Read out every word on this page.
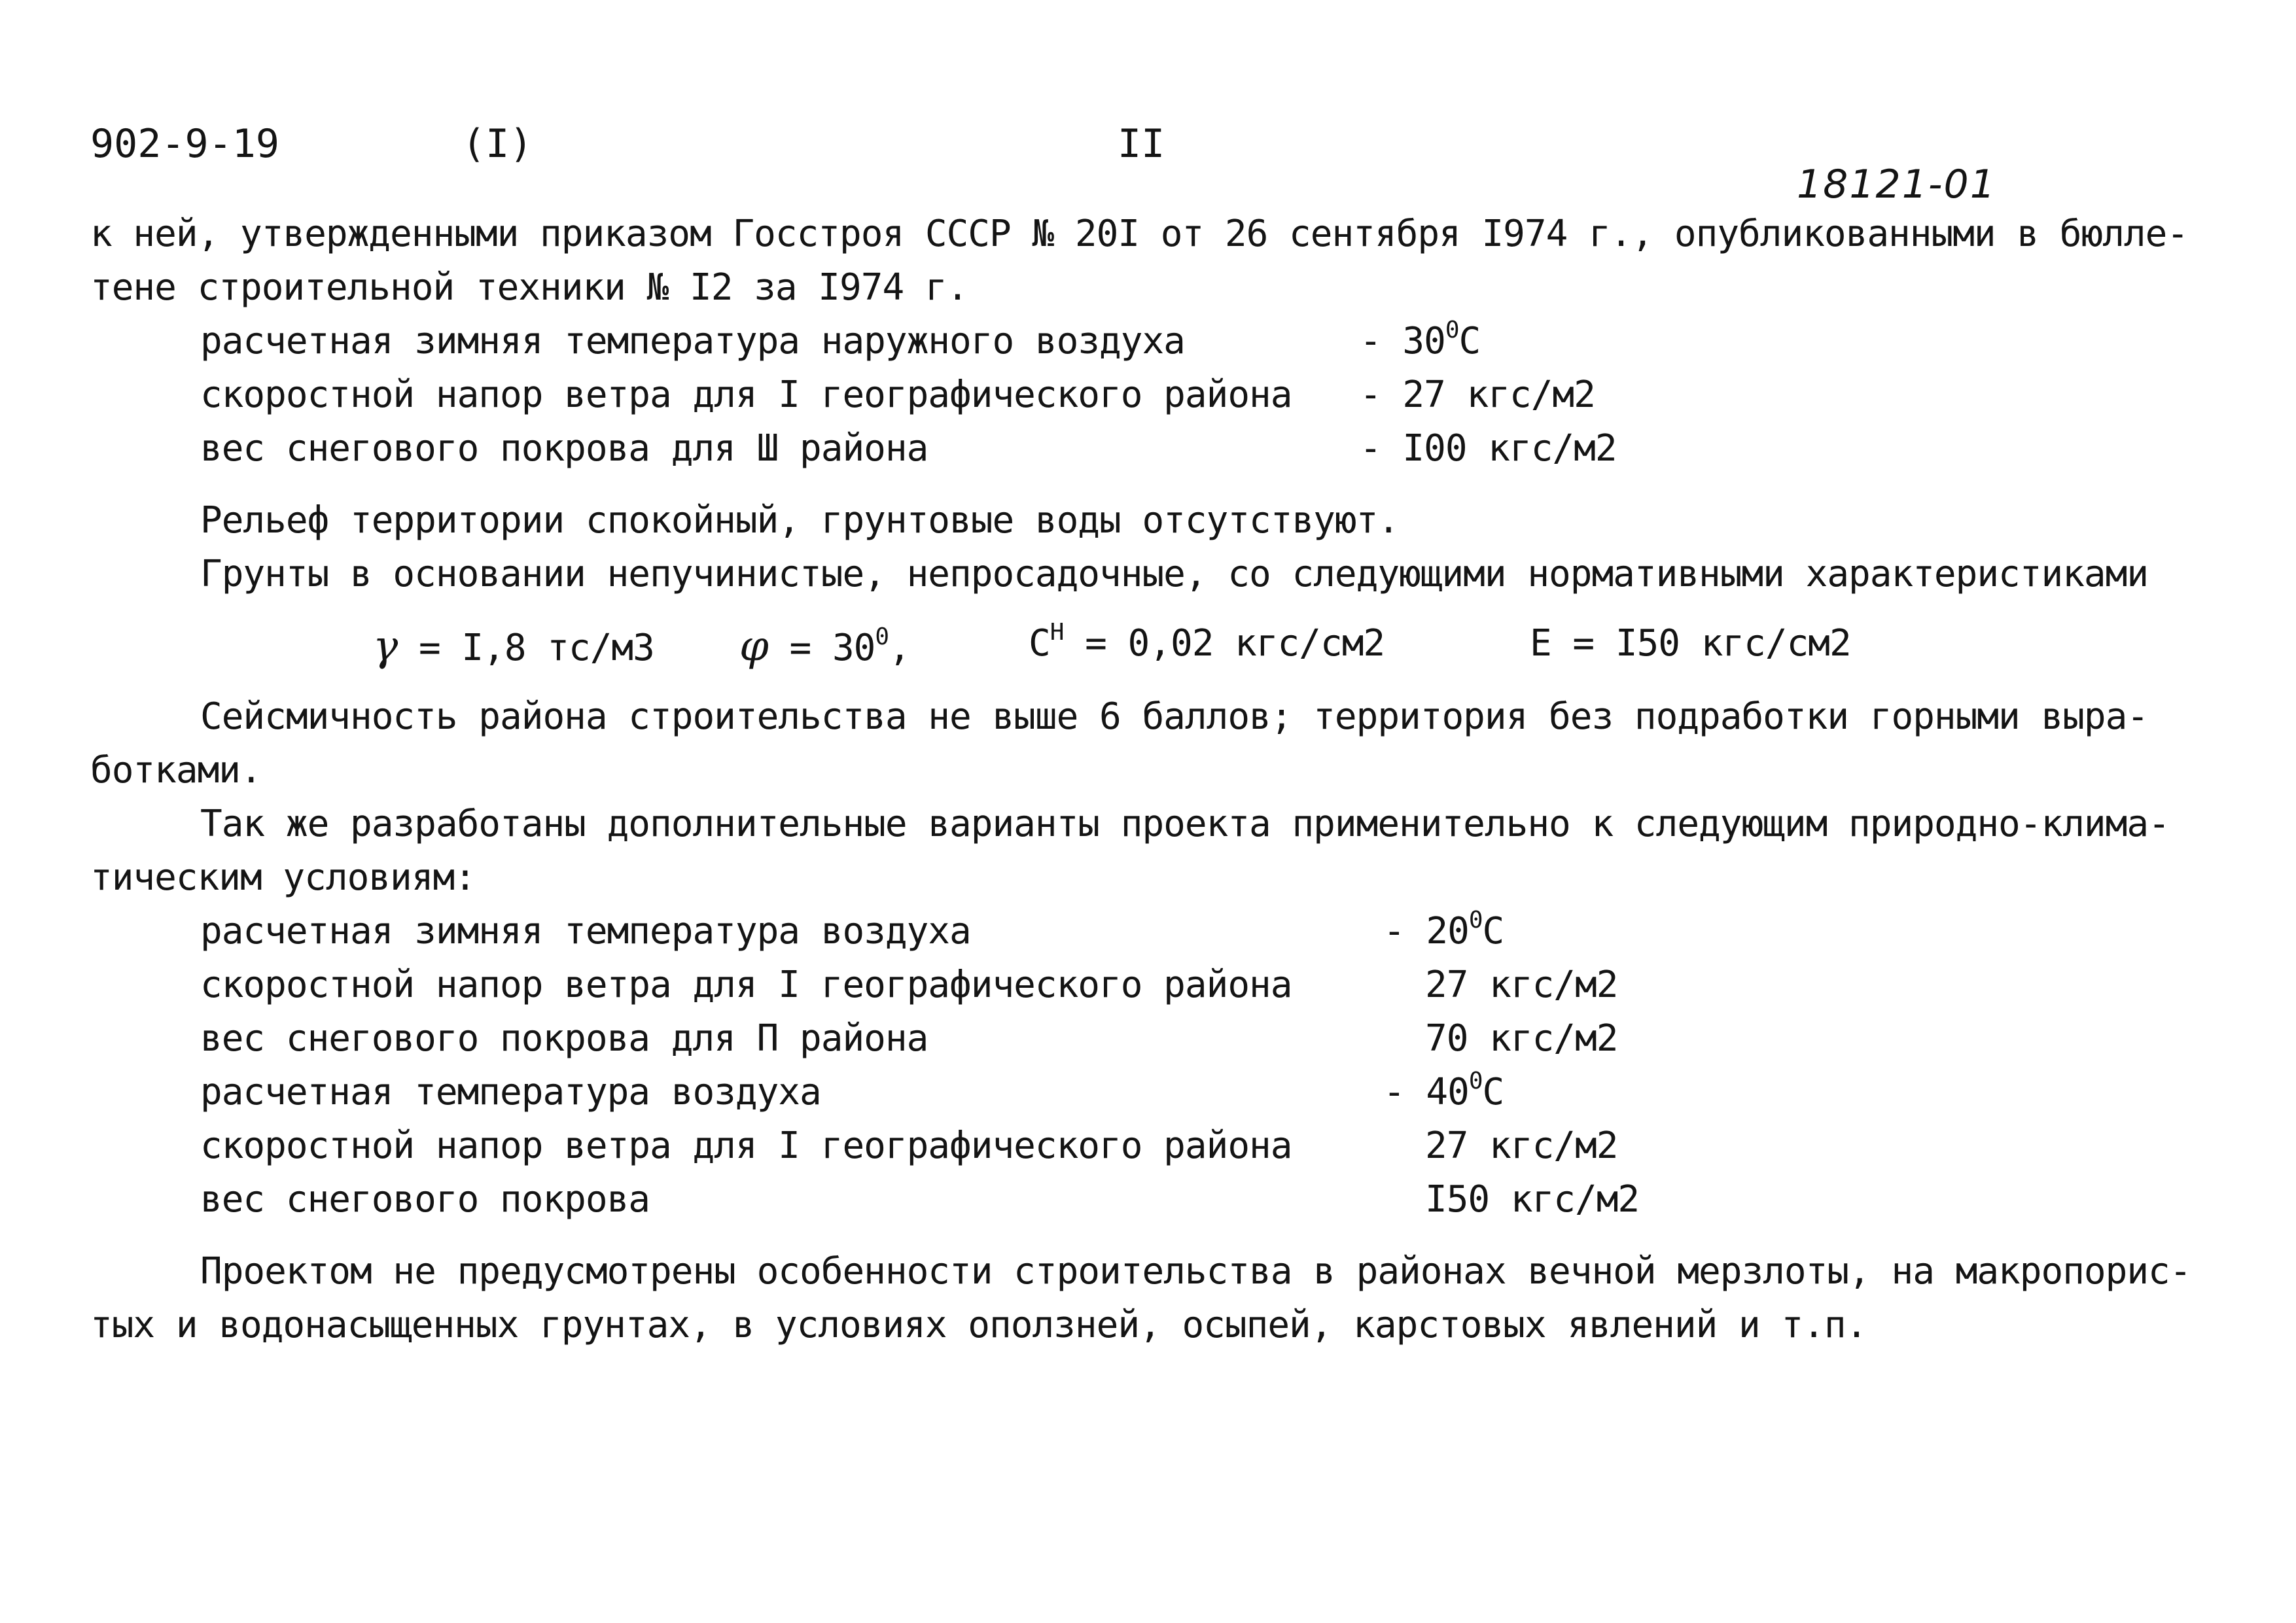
902-9-19	(I)	II
18121-01
к ней, утвержденными приказом Госстроя СССР № 20I от 26 сентября I974 г., опубликованными в бюлле-
тене строительной техники № I2 за I974 г.
расчетная зимняя температура наружного воздуха	- $30^0С$
скоростной напор ветра для I географического района - 27 кгс/м2
вес снегового покрова для Ш района	- I00 кгс/м2
Рельеф территории спокойный, грунтовые воды отсутствуют.
Грунты в основании непучинистые, непросадочные, со следующими нормативными характеристиками
γ = I,8 тс/м3 $\varphi = 30^0$,	$С^Н = 0,02$ кгс/см2	Е = I50 кгс/см2
Сейсмичность района строительства не выше 6 баллов; территория без подработки горными выра-
ботками.
Так же разработаны дополнительные варианты проекта применительно к следующим природно-клима-
тическим условиям:
расчетная зимняя температура воздуха	- $20^0С$
скоростной напор ветра для I географического района	27 кгс/м2
вес снегового покрова для П района	70 кгс/м2
расчетная температура воздуха	- $40^0С$
скоростной напор ветра для I географического района	27 кгс/м2
вес снегового покрова	I50 кгс/м2
Проектом не предусмотрены особенности строительства в районах вечной мерзлоты, на макропорис-
тых и водонасыщенных грунтах, в условиях оползней, осыпей, карстовых явлений и т.п.
